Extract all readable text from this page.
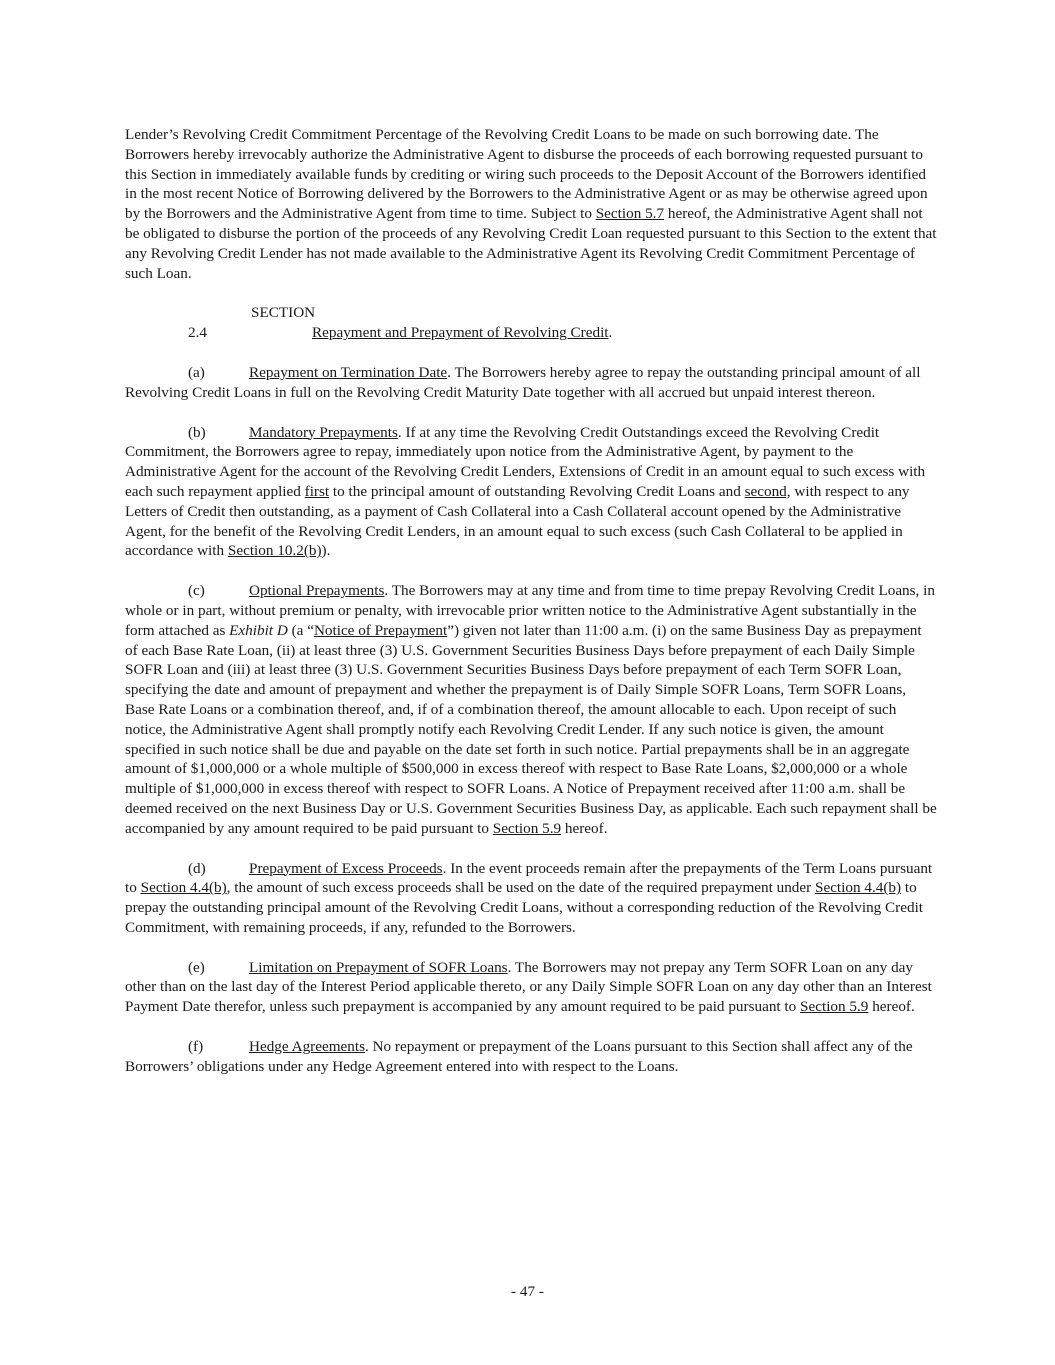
Lender’s Revolving Credit Commitment Percentage of the Revolving Credit Loans to be made on such borrowing date. The Borrowers hereby irrevocably authorize the Administrative Agent to disburse the proceeds of each borrowing requested pursuant to this Section in immediately available funds by crediting or wiring such proceeds to the Deposit Account of the Borrowers identified in the most recent Notice of Borrowing delivered by the Borrowers to the Administrative Agent or as may be otherwise agreed upon by the Borrowers and the Administrative Agent from time to time. Subject to Section 5.7 hereof, the Administrative Agent shall not be obligated to disburse the portion of the proceeds of any Revolving Credit Loan requested pursuant to this Section to the extent that any Revolving Credit Lender has not made available to the Administrative Agent its Revolving Credit Commitment Percentage of such Loan.

SECTION 2.4	Repayment and Prepayment of Revolving Credit.

(a)	Repayment on Termination Date. The Borrowers hereby agree to repay the outstanding principal amount of all Revolving Credit Loans in full on the Revolving Credit Maturity Date together with all accrued but unpaid interest thereon.

(b)	Mandatory Prepayments. If at any time the Revolving Credit Outstandings exceed the Revolving Credit Commitment, the Borrowers agree to repay, immediately upon notice from the Administrative Agent, by payment to the Administrative Agent for the account of the Revolving Credit Lenders, Extensions of Credit in an amount equal to such excess with each such repayment applied first to the principal amount of outstanding Revolving Credit Loans and second, with respect to any Letters of Credit then outstanding, as a payment of Cash Collateral into a Cash Collateral account opened by the Administrative Agent, for the benefit of the Revolving Credit Lenders, in an amount equal to such excess (such Cash Collateral to be applied in accordance with Section 10.2(b)).

(c)	Optional Prepayments. The Borrowers may at any time and from time to time prepay Revolving Credit Loans, in whole or in part, without premium or penalty, with irrevocable prior written notice to the Administrative Agent substantially in the form attached as Exhibit D (a “Notice of Prepayment”) given not later than 11:00 a.m. (i) on the same Business Day as prepayment of each Base Rate Loan, (ii) at least three (3) U.S. Government Securities Business Days before prepayment of each Daily Simple SOFR Loan and (iii) at least three (3) U.S. Government Securities Business Days before prepayment of each Term SOFR Loan, specifying the date and amount of prepayment and whether the prepayment is of Daily Simple SOFR Loans, Term SOFR Loans, Base Rate Loans or a combination thereof, and, if of a combination thereof, the amount allocable to each. Upon receipt of such notice, the Administrative Agent shall promptly notify each Revolving Credit Lender. If any such notice is given, the amount specified in such notice shall be due and payable on the date set forth in such notice. Partial prepayments shall be in an aggregate amount of $1,000,000 or a whole multiple of $500,000 in excess thereof with respect to Base Rate Loans, $2,000,000 or a whole multiple of $1,000,000 in excess thereof with respect to SOFR Loans. A Notice of Prepayment received after 11:00 a.m. shall be deemed received on the next Business Day or U.S. Government Securities Business Day, as applicable. Each such repayment shall be accompanied by any amount required to be paid pursuant to Section 5.9 hereof.

(d)	Prepayment of Excess Proceeds. In the event proceeds remain after the prepayments of the Term Loans pursuant to Section 4.4(b), the amount of such excess proceeds shall be used on the date of the required prepayment under Section 4.4(b) to prepay the outstanding principal amount of the Revolving Credit Loans, without a corresponding reduction of the Revolving Credit Commitment, with remaining proceeds, if any, refunded to the Borrowers.

(e)	Limitation on Prepayment of SOFR Loans. The Borrowers may not prepay any Term SOFR Loan on any day other than on the last day of the Interest Period applicable thereto, or any Daily Simple SOFR Loan on any day other than an Interest Payment Date therefor, unless such prepayment is accompanied by any amount required to be paid pursuant to Section 5.9 hereof.

(f)	Hedge Agreements. No repayment or prepayment of the Loans pursuant to this Section shall affect any of the Borrowers’ obligations under any Hedge Agreement entered into with respect to the Loans.

- 47 -
